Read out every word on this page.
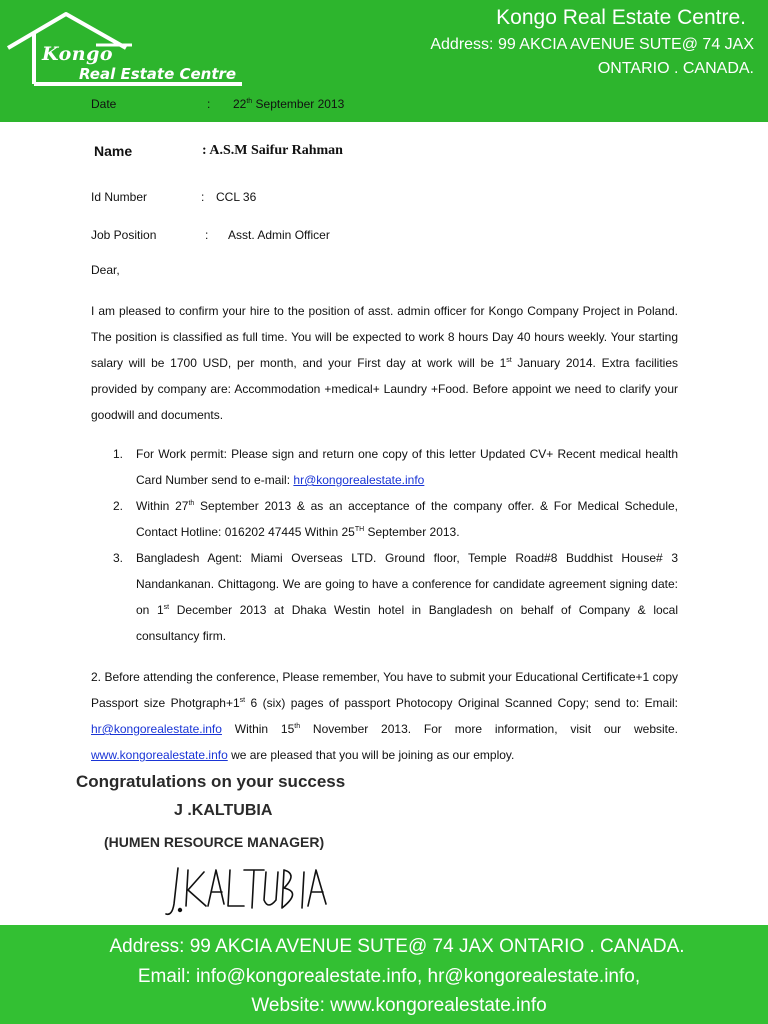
Kongo
Real Estate Centre
Kongo Real Estate Centre.
Address: 99 AKCIA AVENUE SUTE@ 74 JAX
ONTARIO . CANADA.
Date	: 22th September 2013
Name	: A.S.M Saifur Rahman
Id Number	: CCL 36
Job Position	: Asst. Admin Officer
Dear,
I am pleased to confirm your hire to the position of asst. admin officer for Kongo Company Project in Poland. The position is classified as full time. You will be expected to work 8 hours Day 40 hours weekly. Your starting salary will be 1700 USD, per month, and your First day at work will be 1st January 2014. Extra facilities provided by company are: Accommodation +medical+ Laundry +Food. Before appoint we need to clarify your goodwill and documents.
1. For Work permit: Please sign and return one copy of this letter Updated CV+ Recent medical health Card Number send to e-mail: hr@kongorealestate.info
2. Within 27th September 2013 & as an acceptance of the company offer. & For Medical Schedule, Contact Hotline: 016202 47445 Within 25TH September 2013.
3. Bangladesh Agent: Miami Overseas LTD. Ground floor, Temple Road#8 Buddhist House# 3 Nandankanan. Chittagong. We are going to have a conference for candidate agreement signing date: on 1st December 2013 at Dhaka Westin hotel in Bangladesh on behalf of Company & local consultancy firm.
2. Before attending the conference, Please remember, You have to submit your Educational Certificate+1 copy Passport size Photgraph+1st 6 (six) pages of passport Photocopy Original Scanned Copy; send to: Email: hr@kongorealestate.info Within 15th November 2013. For more information, visit our website. www.kongorealestate.info we are pleased that you will be joining as our employ.
Congratulations on your success
J .KALTUBIA
(HUMEN RESOURCE MANAGER)
Address: 99 AKCIA AVENUE SUTE@ 74 JAX ONTARIO . CANADA.
Email: info@kongorealestate.info, hr@kongorealestate.info,
Website: www.kongorealestate.info
